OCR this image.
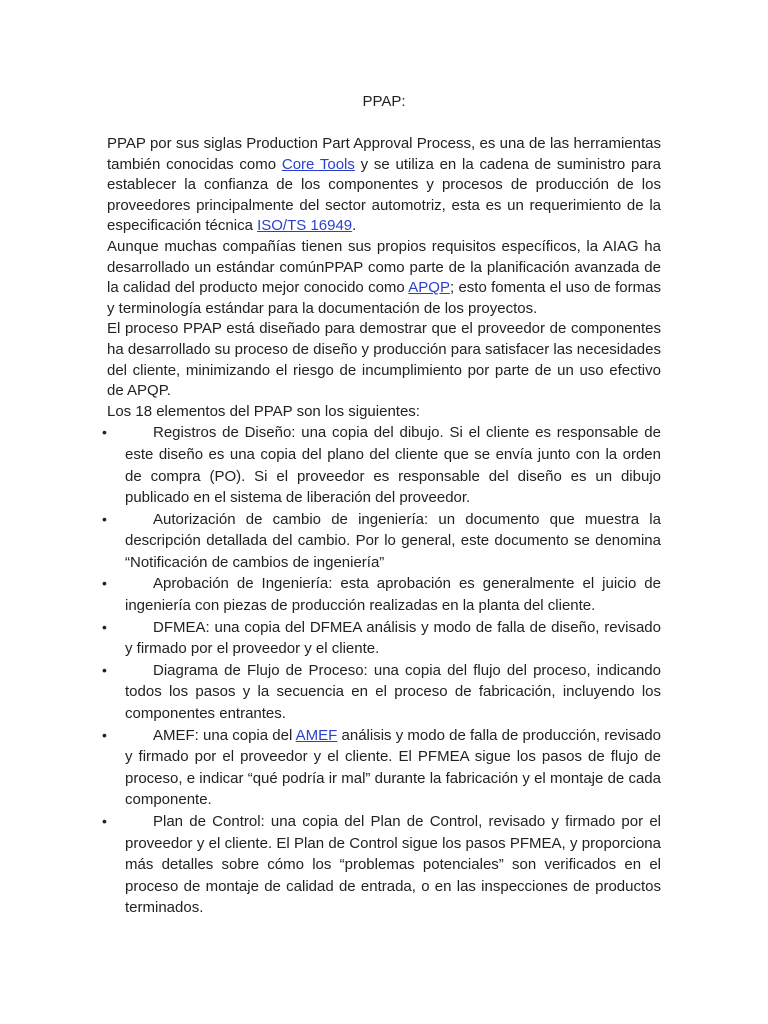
PPAP:

PPAP por sus siglas Production Part Approval Process, es una de las herramientas también conocidas como Core Tools y se utiliza en la cadena de suministro para establecer la confianza de los componentes y procesos de producción de los proveedores principalmente del sector automotriz, esta es un requerimiento de la especificación técnica ISO/TS 16949.

Aunque muchas compañías tienen sus propios requisitos específicos, la AIAG ha desarrollado un estándar comúnPPAP como parte de la planificación avanzada de la calidad del producto mejor conocido como APQP; esto fomenta el uso de formas y terminología estándar para la documentación de los proyectos.

El proceso PPAP está diseñado para demostrar que el proveedor de componentes ha desarrollado su proceso de diseño y producción para satisfacer las necesidades del cliente, minimizando el riesgo de incumplimiento por parte de un uso efectivo de APQP.

Los 18 elementos del PPAP son los siguientes:

•	Registros de Diseño: una copia del dibujo. Si el cliente es responsable de este diseño es una copia del plano del cliente que se envía junto con la orden de compra (PO). Si el proveedor es responsable del diseño es un dibujo publicado en el sistema de liberación del proveedor.
•	Autorización de cambio de ingeniería: un documento que muestra la descripción detallada del cambio. Por lo general, este documento se denomina “Notificación de cambios de ingeniería”
•	Aprobación de Ingeniería: esta aprobación es generalmente el juicio de ingeniería con piezas de producción realizadas en la planta del cliente.
•	DFMEA: una copia del DFMEA análisis y modo de falla de diseño, revisado y firmado por el proveedor y el cliente.
•	Diagrama de Flujo de Proceso: una copia del flujo del proceso, indicando todos los pasos y la secuencia en el proceso de fabricación, incluyendo los componentes entrantes.
•	AMEF: una copia del AMEF análisis y modo de falla de producción, revisado y firmado por el proveedor y el cliente. El PFMEA sigue los pasos de flujo de proceso, e indicar “qué podría ir mal” durante la fabricación y el montaje de cada componente.
•	Plan de Control: una copia del Plan de Control, revisado y firmado por el proveedor y el cliente. El Plan de Control sigue los pasos PFMEA, y proporciona más detalles sobre cómo los “problemas potenciales” son verificados en el proceso de montaje de calidad de entrada, o en las inspecciones de productos terminados.
